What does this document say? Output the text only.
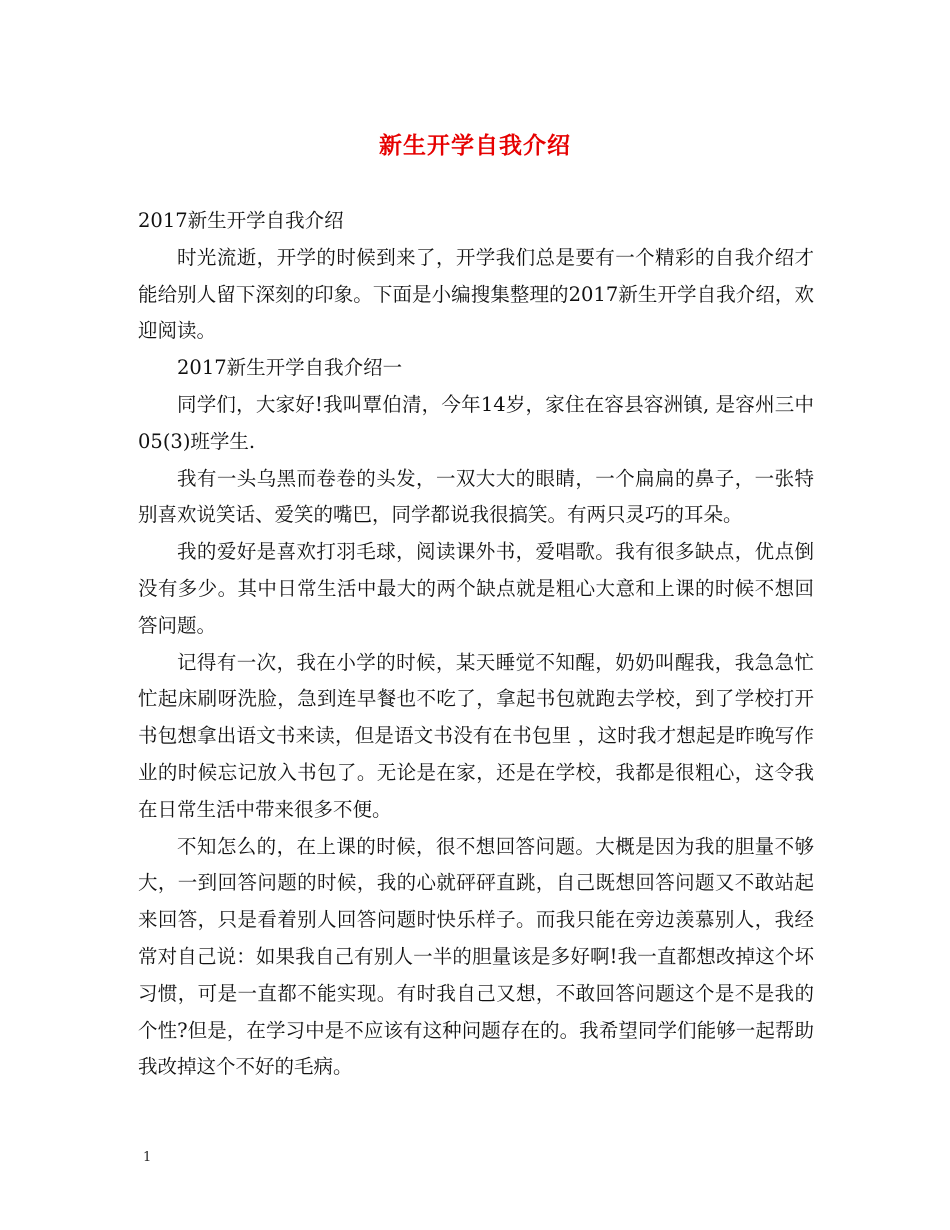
新生开学自我介绍

2017新生开学自我介绍

时光流逝，开学的时候到来了，开学我们总是要有一个精彩的自我介绍才能给别人留下深刻的印象。下面是小编搜集整理的2017新生开学自我介绍，欢迎阅读。

2017新生开学自我介绍一

同学们，大家好!我叫覃伯清，今年14岁，家住在容县容洲镇, 是容州三中05(3)班学生.

我有一头乌黑而卷卷的头发，一双大大的眼睛，一个扁扁的鼻子，一张特别喜欢说笑话、爱笑的嘴巴，同学都说我很搞笑。有两只灵巧的耳朵。

我的爱好是喜欢打羽毛球，阅读课外书，爱唱歌。我有很多缺点，优点倒没有多少。其中日常生活中最大的两个缺点就是粗心大意和上课的时候不想回答问题。

记得有一次，我在小学的时候，某天睡觉不知醒，奶奶叫醒我，我急急忙忙起床刷呀洗脸，急到连早餐也不吃了，拿起书包就跑去学校，到了学校打开书包想拿出语文书来读，但是语文书没有在书包里 ，这时我才想起是昨晚写作业的时候忘记放入书包了。无论是在家，还是在学校，我都是很粗心，这令我在日常生活中带来很多不便。

不知怎么的，在上课的时候，很不想回答问题。大概是因为我的胆量不够大，一到回答问题的时候，我的心就砰砰直跳，自己既想回答问题又不敢站起来回答，只是看着别人回答问题时快乐样子。而我只能在旁边羡慕别人，我经常对自己说：如果我自己有别人一半的胆量该是多好啊!我一直都想改掉这个坏习惯，可是一直都不能实现。有时我自己又想，不敢回答问题这个是不是我的个性?但是，在学习中是不应该有这种问题存在的。我希望同学们能够一起帮助我改掉这个不好的毛病。

1
